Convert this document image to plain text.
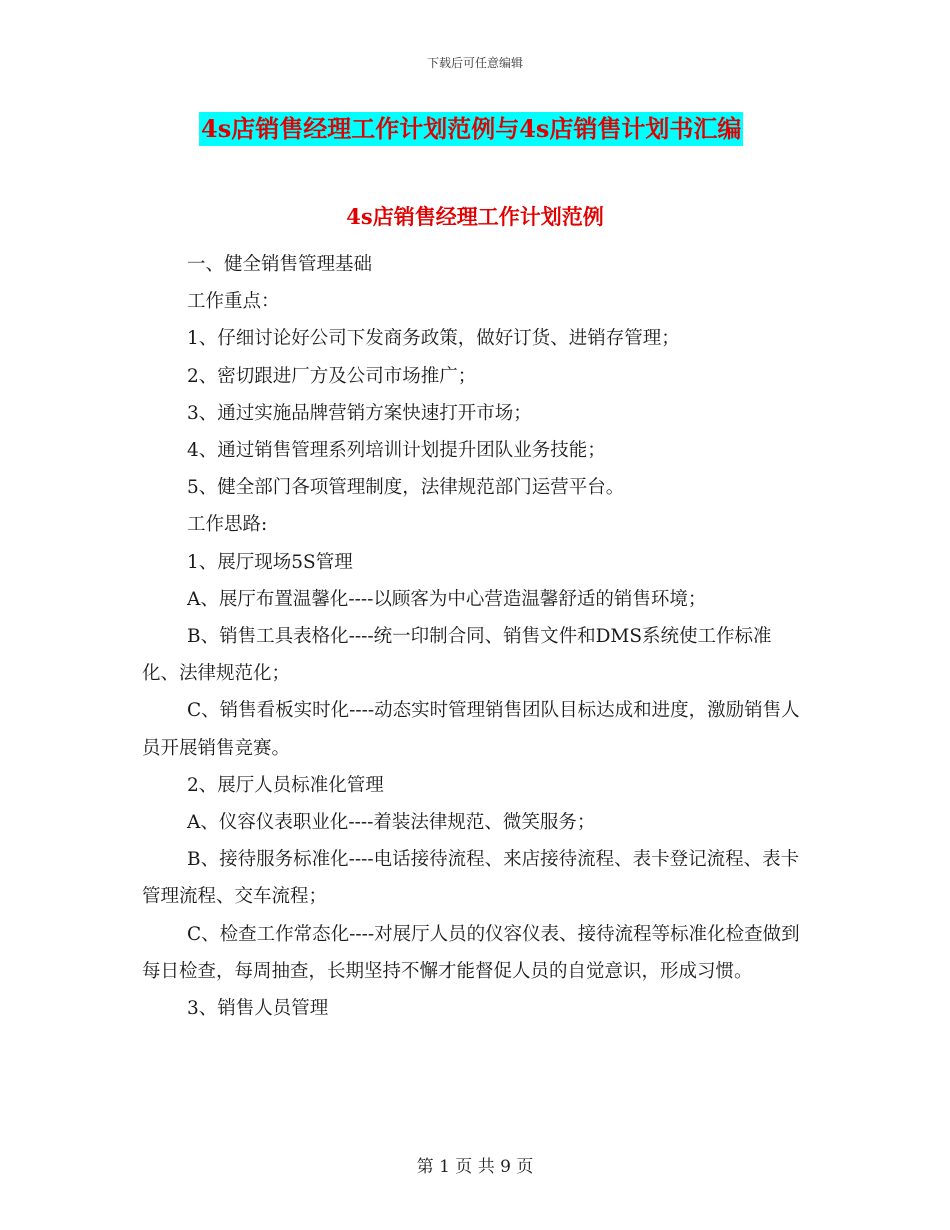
下载后可任意编辑
4s店销售经理工作计划范例与4s店销售计划书汇编
4s店销售经理工作计划范例

一、健全销售管理基础

工作重点：

1、仔细讨论好公司下发商务政策，做好订货、进销存管理；

2、密切跟进厂方及公司市场推广；

3、通过实施品牌营销方案快速打开市场；

4、通过销售管理系列培训计划提升团队业务技能；

5、健全部门各项管理制度，法律规范部门运营平台。

工作思路:

1、展厅现场5S管理

A、展厅布置温馨化----以顾客为中心营造温馨舒适的销售环境；

B、销售工具表格化----统一印制合同、销售文件和DMS系统使工作标准化、法律规范化；

C、销售看板实时化----动态实时管理销售团队目标达成和进度，激励销售人员开展销售竞赛。

2、展厅人员标准化管理

A、仪容仪表职业化----着装法律规范、微笑服务；

B、接待服务标准化----电话接待流程、来店接待流程、表卡登记流程、表卡管理流程、交车流程；

C、检查工作常态化----对展厅人员的仪容仪表、接待流程等标准化检查做到每日检查，每周抽查，长期坚持不懈才能督促人员的自觉意识，形成习惯。

3、销售人员管理

第 1 页 共 9 页
